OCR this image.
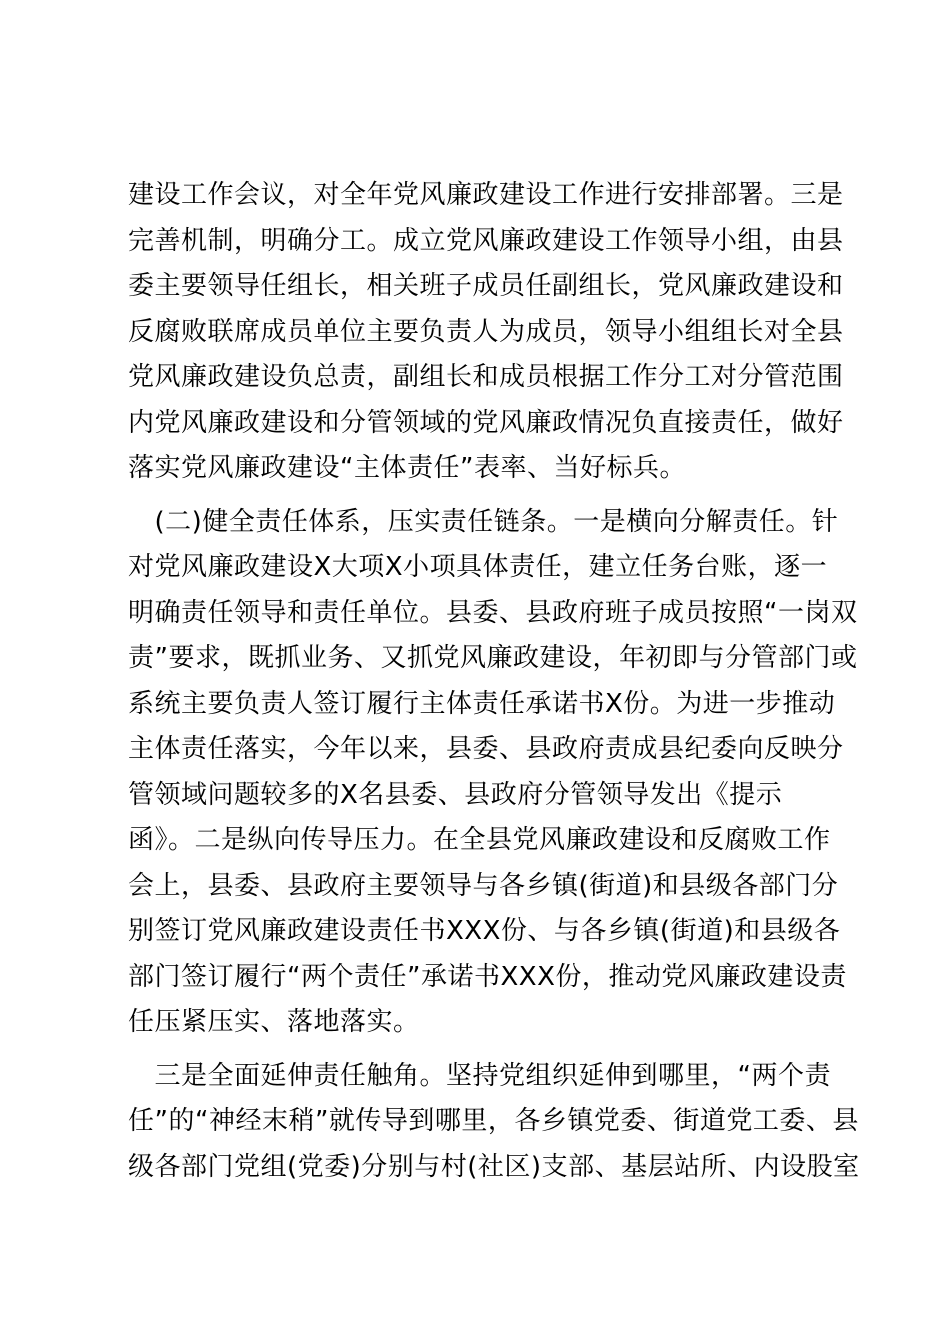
建设工作会议，对全年党风廉政建设工作进行安排部署。三是
完善机制，明确分工。成立党风廉政建设工作领导小组，由县
委主要领导任组长，相关班子成员任副组长，党风廉政建设和
反腐败联席成员单位主要负责人为成员，领导小组组长对全县
党风廉政建设负总责，副组长和成员根据工作分工对分管范围
内党风廉政建设和分管领域的党风廉政情况负直接责任，做好
落实党风廉政建设“主体责任”表率、当好标兵。
　(二)健全责任体系，压实责任链条。一是横向分解责任。针
对党风廉政建设X大项X小项具体责任，建立任务台账，逐一
明确责任领导和责任单位。县委、县政府班子成员按照“一岗双
责”要求，既抓业务、又抓党风廉政建设，年初即与分管部门或
系统主要负责人签订履行主体责任承诺书X份。为进一步推动
主体责任落实，今年以来，县委、县政府责成县纪委向反映分
管领域问题较多的X名县委、县政府分管领导发出《提示
函》。二是纵向传导压力。在全县党风廉政建设和反腐败工作
会上，县委、县政府主要领导与各乡镇(街道)和县级各部门分
别签订党风廉政建设责任书XXX份、与各乡镇(街道)和县级各
部门签订履行“两个责任”承诺书XXX份，推动党风廉政建设责
任压紧压实、落地落实。
　三是全面延伸责任触角。坚持党组织延伸到哪里，“两个责
任”的“神经末稍”就传导到哪里，各乡镇党委、街道党工委、县
级各部门党组(党委)分别与村(社区)支部、基层站所、内设股室
